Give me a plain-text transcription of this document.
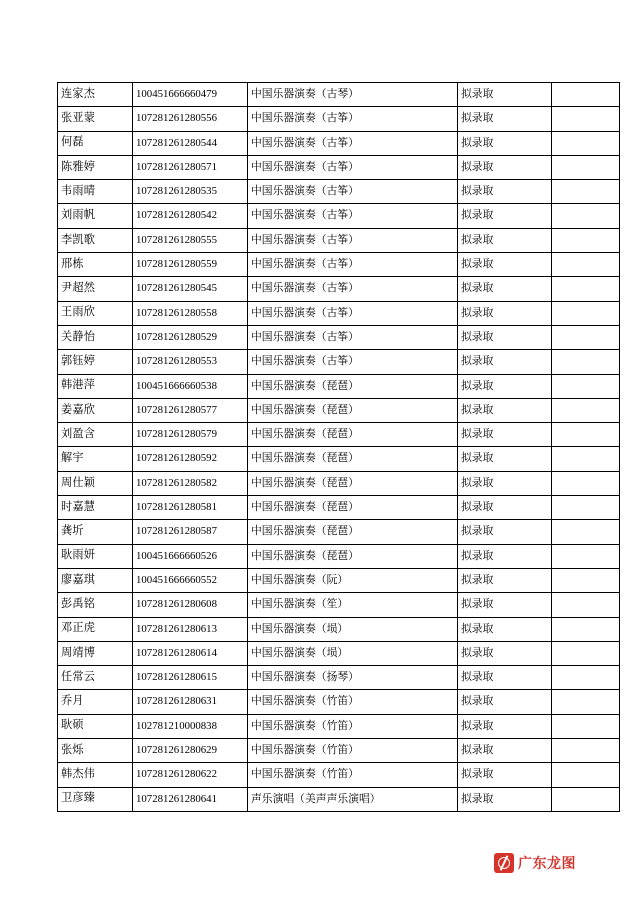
连家杰	100451666660479	中国乐器演奏（古琴）	拟录取	
张亚蒙	107281261280556	中国乐器演奏（古筝）	拟录取	
何磊	107281261280544	中国乐器演奏（古筝）	拟录取	
陈雅婷	107281261280571	中国乐器演奏（古筝）	拟录取	
韦雨晴	107281261280535	中国乐器演奏（古筝）	拟录取	
刘雨帆	107281261280542	中国乐器演奏（古筝）	拟录取	
李凯歌	107281261280555	中国乐器演奏（古筝）	拟录取	
邢栋	107281261280559	中国乐器演奏（古筝）	拟录取	
尹超然	107281261280545	中国乐器演奏（古筝）	拟录取	
王雨欣	107281261280558	中国乐器演奏（古筝）	拟录取	
关静怡	107281261280529	中国乐器演奏（古筝）	拟录取	
郭钰婷	107281261280553	中国乐器演奏（古筝）	拟录取	
韩港萍	100451666660538	中国乐器演奏（琵琶）	拟录取	
姜嘉欣	107281261280577	中国乐器演奏（琵琶）	拟录取	
刘盈含	107281261280579	中国乐器演奏（琵琶）	拟录取	
解宇	107281261280592	中国乐器演奏（琵琶）	拟录取	
周仕颖	107281261280582	中国乐器演奏（琵琶）	拟录取	
时嘉慧	107281261280581	中国乐器演奏（琵琶）	拟录取	
龚圻	107281261280587	中国乐器演奏（琵琶）	拟录取	
耿雨妍	100451666660526	中国乐器演奏（琵琶）	拟录取	
廖嘉琪	100451666660552	中国乐器演奏（阮）	拟录取	
彭禹铭	107281261280608	中国乐器演奏（笙）	拟录取	
邓正虎	107281261280613	中国乐器演奏（埙）	拟录取	
周靖博	107281261280614	中国乐器演奏（埙）	拟录取	
任常云	107281261280615	中国乐器演奏（扬琴）	拟录取	
乔月	107281261280631	中国乐器演奏（竹笛）	拟录取	
耿硕	102781210000838	中国乐器演奏（竹笛）	拟录取	
张烁	107281261280629	中国乐器演奏（竹笛）	拟录取	
韩杰伟	107281261280622	中国乐器演奏（竹笛）	拟录取	
卫彦臻	107281261280641	声乐演唱（美声声乐演唱）	拟录取	
广东龙图
